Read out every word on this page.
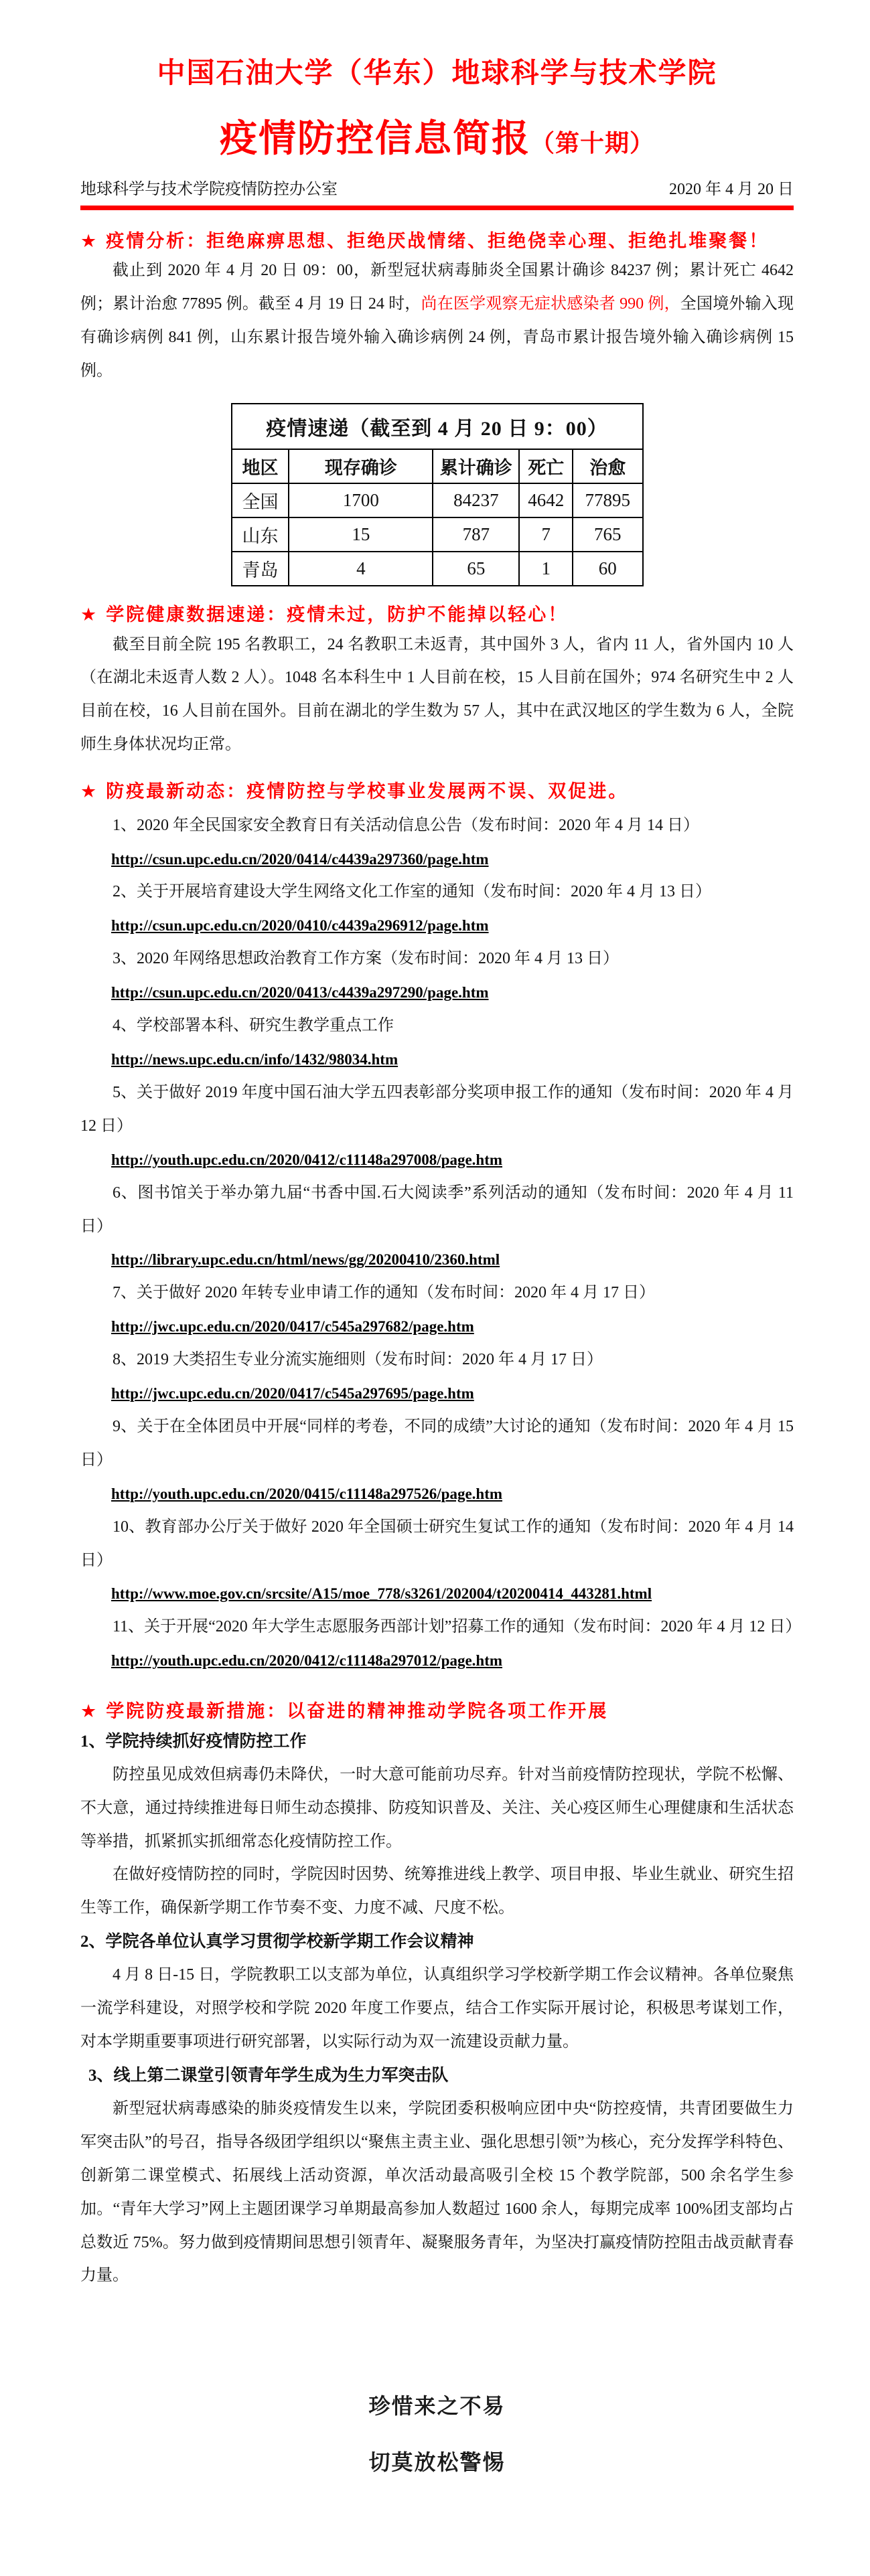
中国石油大学（华东）地球科学与技术学院
疫情防控信息简报（第十期）
地球科学与技术学院疫情防控办公室	2020 年 4 月 20 日

★ 疫情分析：拒绝麻痹思想、拒绝厌战情绪、拒绝侥幸心理、拒绝扎堆聚餐！

截止到 2020 年 4 月 20 日 09：00，新型冠状病毒肺炎全国累计确诊 84237 例；累计死亡 4642 例；累计治愈 77895 例。截至 4 月 19 日 24 时，尚在医学观察无症状感染者 990 例，全国境外输入现有确诊病例 841 例，山东累计报告境外输入确诊病例 24 例，青岛市累计报告境外输入确诊病例 15 例。

疫情速递（截至到 4 月 20 日 9：00）				
地区	现存确诊	累计确诊	死亡	治愈
全国	1700	84237	4642	77895
山东	15	787	7	765
青岛	4	65	1	60

★ 学院健康数据速递：疫情未过，防护不能掉以轻心！

截至目前全院 195 名教职工，24 名教职工未返青，其中国外 3 人，省内 11 人，省外国内 10 人（在湖北未返青人数 2 人）。1048 名本科生中 1 人目前在校，15 人目前在国外；974 名研究生中 2 人目前在校，16 人目前在国外。目前在湖北的学生数为 57 人，其中在武汉地区的学生数为 6 人，全院师生身体状况均正常。

★ 防疫最新动态：疫情防控与学校事业发展两不误、双促进。

1、2020 年全民国家安全教育日有关活动信息公告（发布时间：2020 年 4 月 14 日）

http://csun.upc.edu.cn/2020/0414/c4439a297360/page.htm

2、关于开展培育建设大学生网络文化工作室的通知（发布时间：2020 年 4 月 13 日）

http://csun.upc.edu.cn/2020/0410/c4439a296912/page.htm

3、2020 年网络思想政治教育工作方案（发布时间：2020 年 4 月 13 日）

http://csun.upc.edu.cn/2020/0413/c4439a297290/page.htm

4、学校部署本科、研究生教学重点工作

http://news.upc.edu.cn/info/1432/98034.htm

5、关于做好 2019 年度中国石油大学五四表彰部分奖项申报工作的通知（发布时间：2020 年 4 月 12 日）

http://youth.upc.edu.cn/2020/0412/c11148a297008/page.htm

6、图书馆关于举办第九届“书香中国.石大阅读季”系列活动的通知（发布时间：2020 年 4 月 11 日）

http://library.upc.edu.cn/html/news/gg/20200410/2360.html

7、关于做好 2020 年转专业申请工作的通知（发布时间：2020 年 4 月 17 日）

http://jwc.upc.edu.cn/2020/0417/c545a297682/page.htm

8、2019 大类招生专业分流实施细则（发布时间：2020 年 4 月 17 日）

http://jwc.upc.edu.cn/2020/0417/c545a297695/page.htm

9、关于在全体团员中开展“同样的考卷，不同的成绩”大讨论的通知（发布时间：2020 年 4 月 15 日）

http://youth.upc.edu.cn/2020/0415/c11148a297526/page.htm

10、教育部办公厅关于做好 2020 年全国硕士研究生复试工作的通知（发布时间：2020 年 4 月 14 日）

http://www.moe.gov.cn/srcsite/A15/moe_778/s3261/202004/t20200414_443281.html

11、关于开展“2020 年大学生志愿服务西部计划”招募工作的通知（发布时间：2020 年 4 月 12 日）

http://youth.upc.edu.cn/2020/0412/c11148a297012/page.htm

★ 学院防疫最新措施：以奋进的精神推动学院各项工作开展

1、学院持续抓好疫情防控工作

防控虽见成效但病毒仍未降伏，一时大意可能前功尽弃。针对当前疫情防控现状，学院不松懈、不大意，通过持续推进每日师生动态摸排、防疫知识普及、关注、关心疫区师生心理健康和生活状态等举措，抓紧抓实抓细常态化疫情防控工作。

在做好疫情防控的同时，学院因时因势、统筹推进线上教学、项目申报、毕业生就业、研究生招生等工作，确保新学期工作节奏不变、力度不减、尺度不松。

2、学院各单位认真学习贯彻学校新学期工作会议精神

4 月 8 日-15 日，学院教职工以支部为单位，认真组织学习学校新学期工作会议精神。各单位聚焦一流学科建设，对照学校和学院 2020 年度工作要点，结合工作实际开展讨论，积极思考谋划工作，对本学期重要事项进行研究部署，以实际行动为双一流建设贡献力量。

3、线上第二课堂引领青年学生成为生力军突击队

新型冠状病毒感染的肺炎疫情发生以来，学院团委积极响应团中央“防控疫情，共青团要做生力军突击队”的号召，指导各级团学组织以“聚焦主责主业、强化思想引领”为核心，充分发挥学科特色、创新第二课堂模式、拓展线上活动资源，单次活动最高吸引全校 15 个教学院部，500 余名学生参加。“青年大学习”网上主题团课学习单期最高参加人数超过 1600 余人，每期完成率 100%团支部均占总数近 75%。努力做到疫情期间思想引领青年、凝聚服务青年，为坚决打赢疫情防控阻击战贡献青春力量。

珍惜来之不易

切莫放松警惕
